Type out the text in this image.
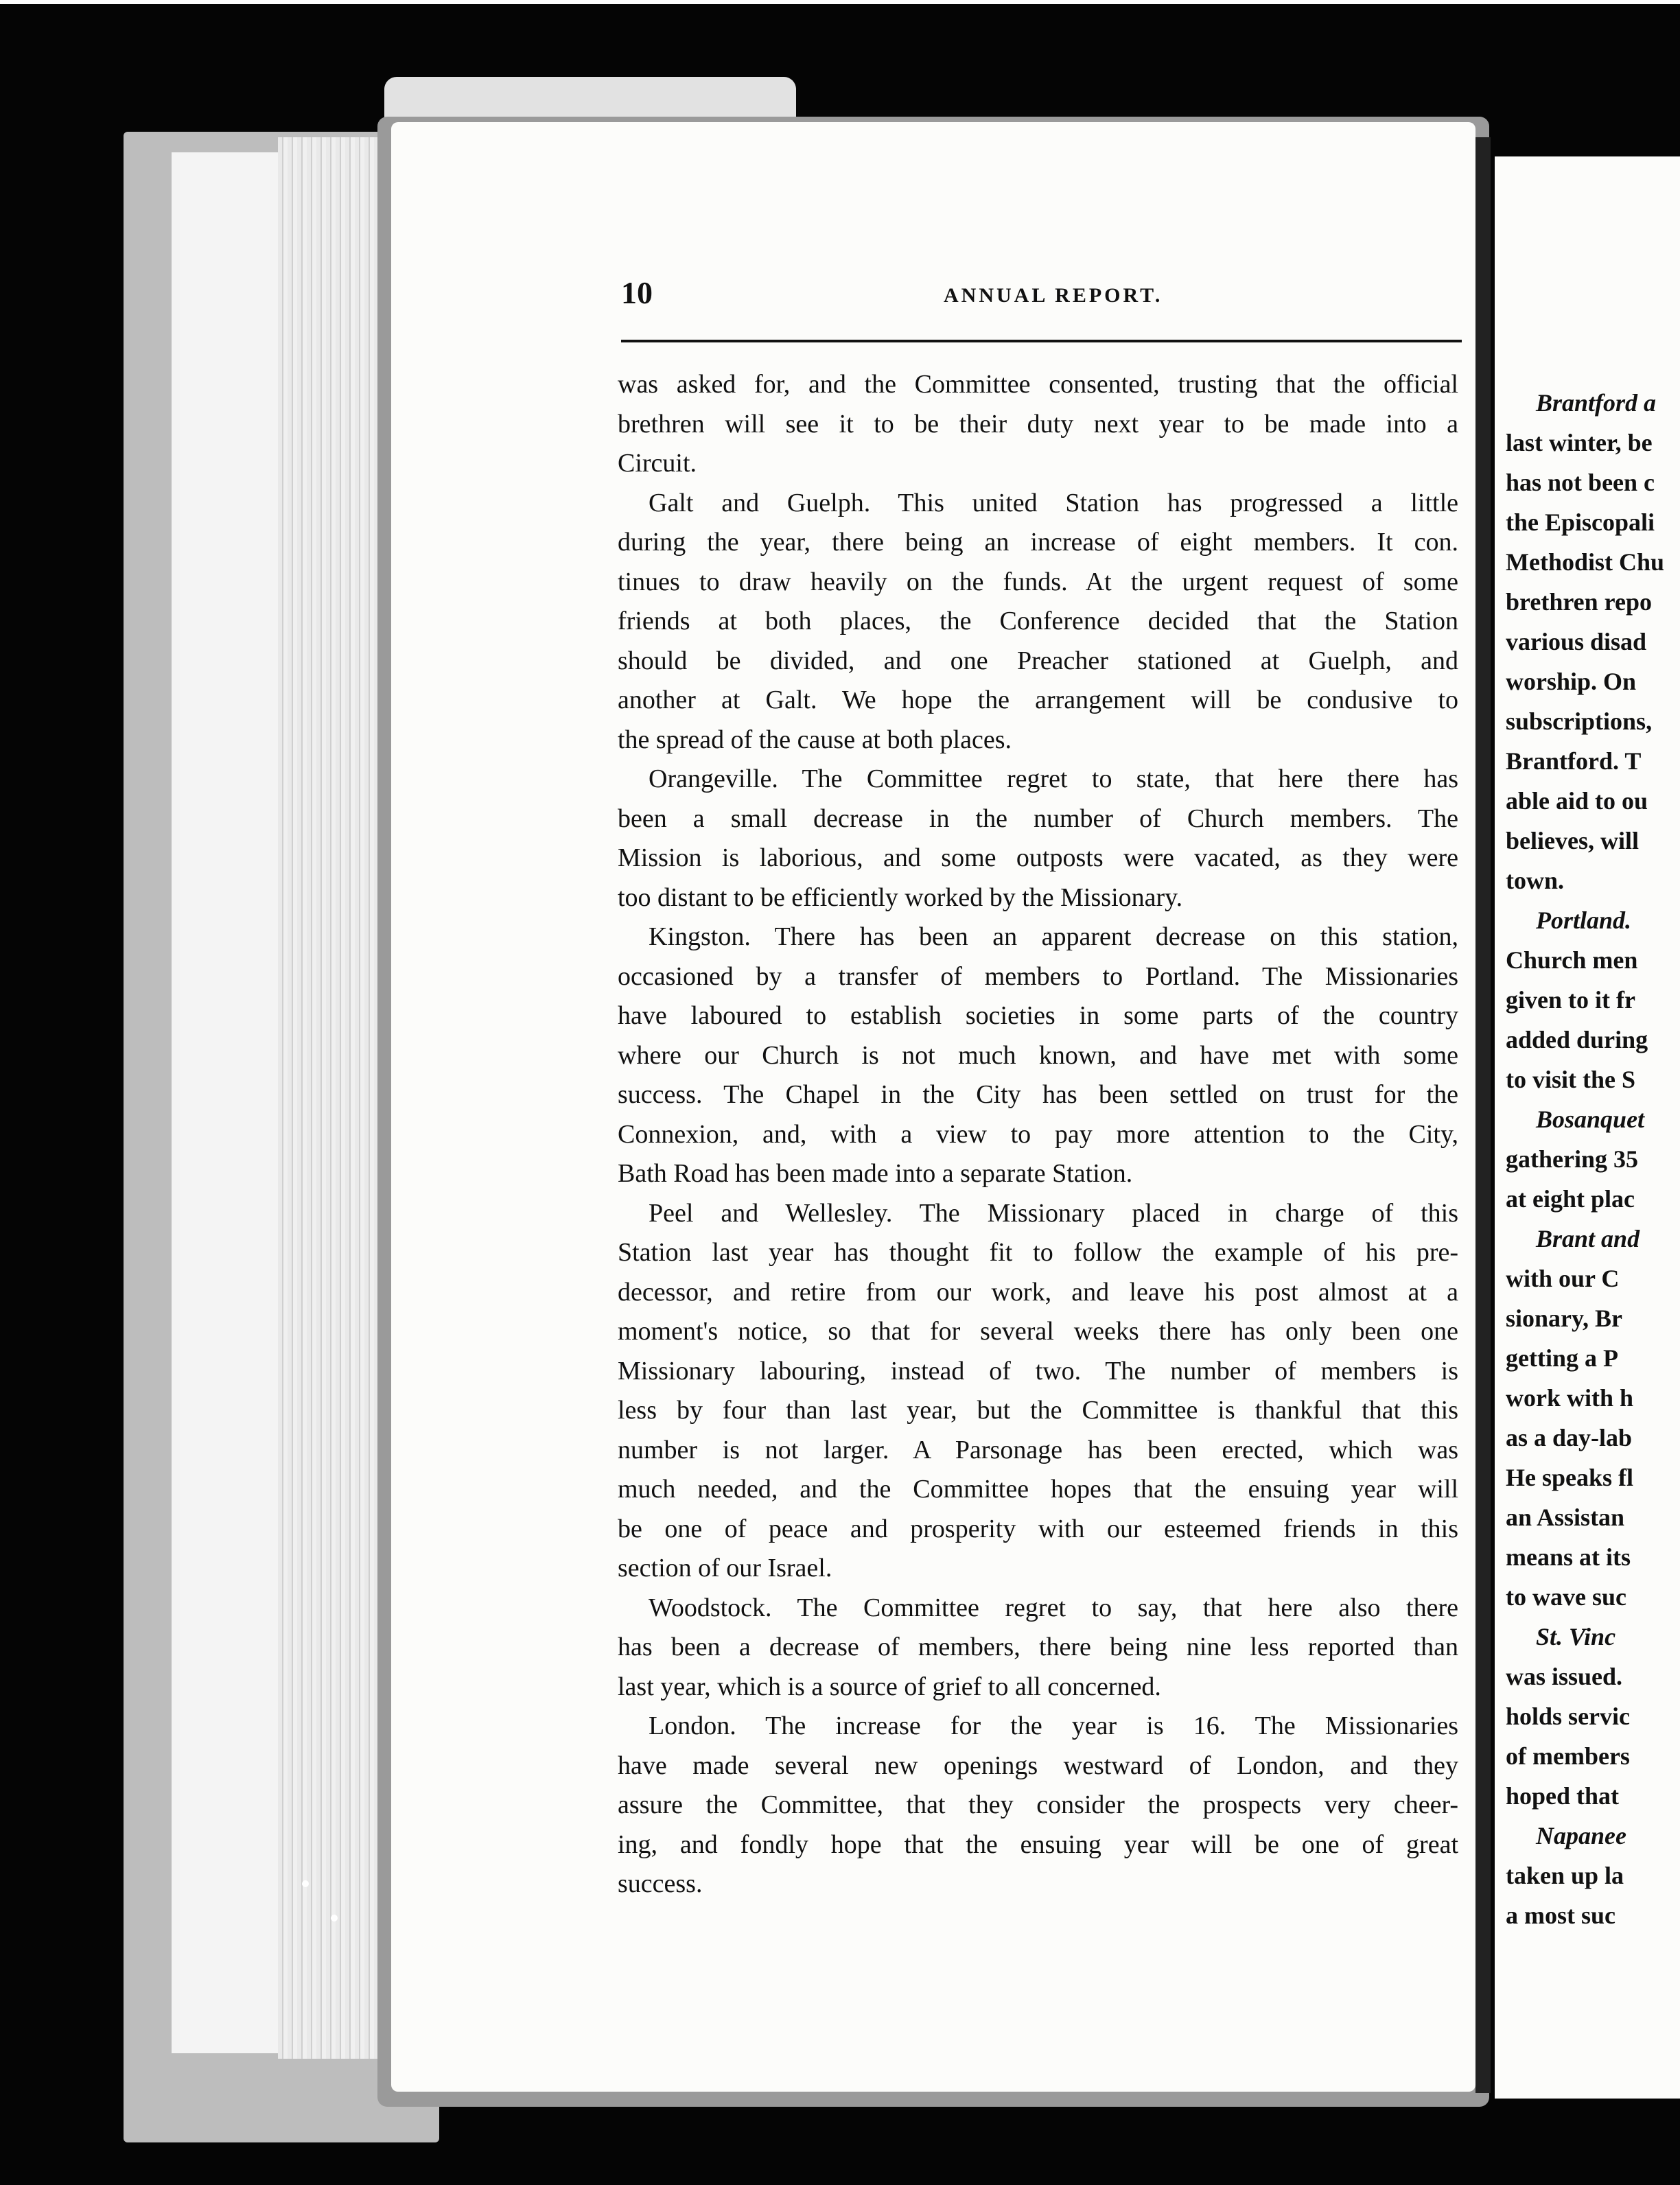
10	ANNUAL REPORT.
was asked for, and the Committee consented, trusting that the official
brethren will see it to be their duty next year to be made into a
Circuit.
Galt and Guelph. This united Station has progressed a little
during the year, there being an increase of eight members. It con.
tinues to draw heavily on the funds. At the urgent request of some
friends at both places, the Conference decided that the Station
should be divided, and one Preacher stationed at Guelph, and
another at Galt. We hope the arrangement will be condusive to
the spread of the cause at both places.
Orangeville. The Committee regret to state, that here there has
been a small decrease in the number of Church members. The
Mission is laborious, and some outposts were vacated, as they were
too distant to be efficiently worked by the Missionary.
Kingston. There has been an apparent decrease on this station,
occasioned by a transfer of members to Portland. The Missionaries
have laboured to establish societies in some parts of the country
where our Church is not much known, and have met with some
success. The Chapel in the City has been settled on trust for the
Connexion, and, with a view to pay more attention to the City,
Bath Road has been made into a separate Station.
Peel and Wellesley. The Missionary placed in charge of this
Station last year has thought fit to follow the example of his pre-
decessor, and retire from our work, and leave his post almost at a
moment's notice, so that for several weeks there has only been one
Missionary labouring, instead of two. The number of members is
less by four than last year, but the Committee is thankful that this
number is not larger. A Parsonage has been erected, which was
much needed, and the Committee hopes that the ensuing year will
be one of peace and prosperity with our esteemed friends in this
section of our Israel.
Woodstock. The Committee regret to say, that here also there
has been a decrease of members, there being nine less reported than
last year, which is a source of grief to all concerned.
London. The increase for the year is 16. The Missionaries
have made several new openings westward of London, and they
assure the Committee, that they consider the prospects very cheer-
ing, and fondly hope that the ensuing year will be one of great
success.
Brantford a
last winter, be
has not been c
the Episcopali
Methodist Chu
brethren repo
various disad
worship. On
subscriptions,
Brantford. T
able aid to ou
believes, will
town.
Portland.
Church men
given to it fr
added during
to visit the S
Bosanquet
gathering 35
at eight plac
Brant and
with our C
sionary, Br
getting a P
work with h
as a day-lab
He speaks fl
an Assistan
means at its
to wave suc
St. Vinc
was issued.
holds servic
of members
hoped that
Napanee
taken up la
a most suc
